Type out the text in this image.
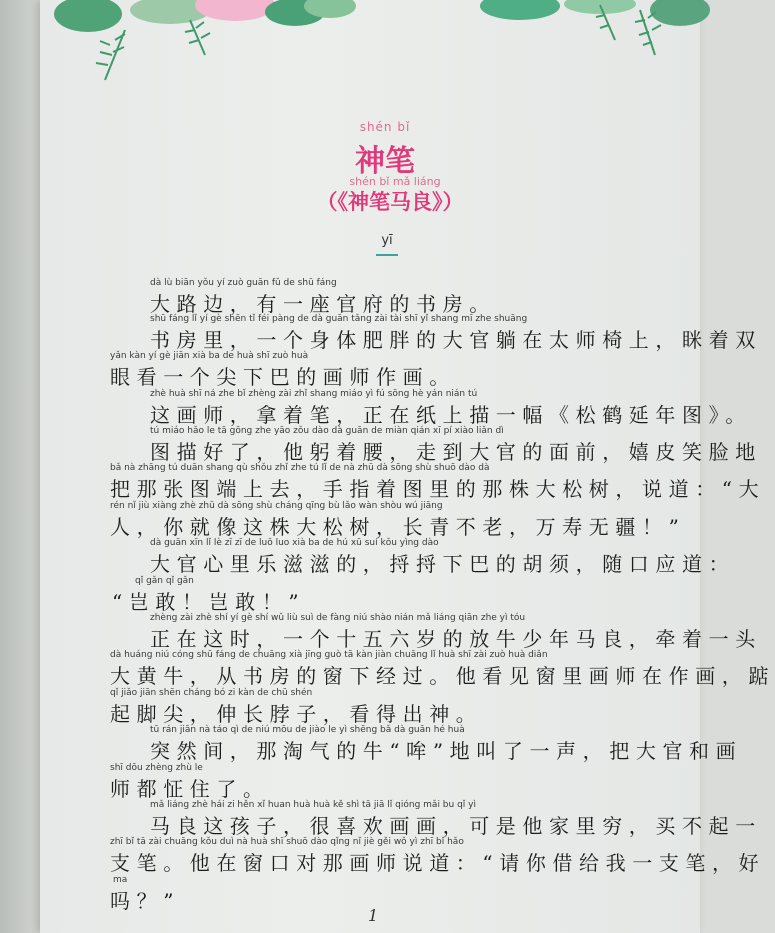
shén bǐ
神笔
shén bǐ mǎ liáng
（《神笔马良》）
yī
dà lù biān yǒu yí zuò guān fǔ de shū fáng
大路边，有一座官府的书房。
shū fáng lǐ yí gè shēn tǐ féi pàng de dà guān tǎng zài tài shī yǐ shang mī zhe shuāng
书房里，一个身体肥胖的大官躺在太师椅上，眯着双
yǎn kàn yí gè jiān xià ba de huà shī zuò huà
眼看一个尖下巴的画师作画。
zhè huà shī ná zhe bǐ zhèng zài zhǐ shang miáo yì fú sōng hè yán nián tú
这画师，拿着笔，正在纸上描一幅《松鹤延年图》。
tú miáo hǎo le tā gōng zhe yāo zǒu dào dà guān de miàn qián xī pí xiào liǎn dì
图描好了，他躬着腰，走到大官的面前，嬉皮笑脸地
bǎ nà zhāng tú duān shang qù shǒu zhǐ zhe tú lǐ de nà zhū dà sōng shù shuō dào dà
把那张图端上去，手指着图里的那株大松树，说道：“大
rén nǐ jiù xiàng zhè zhū dà sōng shù cháng qīng bù lǎo wàn shòu wú jiāng
人，你就像这株大松树，长青不老，万寿无疆！”
dà guān xīn lǐ lè zī zī de luō luo xià ba de hú xū suí kǒu yìng dào
大官心里乐滋滋的，捋捋下巴的胡须，随口应道：
qǐ gǎn qǐ gǎn
“岂敢！岂敢！”
zhèng zài zhè shí yí gè shí wǔ liù suì de fàng niú shào nián mǎ liáng qiān zhe yì tóu
正在这时，一个十五六岁的放牛少年马良，牵着一头
dà huáng niú cóng shū fáng de chuāng xià jīng guò tā kàn jiàn chuāng lǐ huà shī zài zuò huà diǎn
大黄牛，从书房的窗下经过。他看见窗里画师在作画，踮
qǐ jiǎo jiān shēn cháng bó zi kàn de chū shén
起脚尖，伸长脖子，看得出神。
tū rán jiān nà táo qì de niú mōu de jiào le yì shēng bǎ dà guān hé huà
突然间，那淘气的牛“哞”地叫了一声，把大官和画
shī dōu zhèng zhù le
师都怔住了。
mǎ liáng zhè hái zi hěn xǐ huan huà huà kě shì tā jiā lǐ qióng mǎi bu qǐ yì
马良这孩子，很喜欢画画，可是他家里穷，买不起一
zhī bǐ tā zài chuāng kǒu duì nà huà shī shuō dào qǐng nǐ jiè gěi wǒ yì zhī bǐ hǎo
支笔。他在窗口对那画师说道：“请你借给我一支笔，好
ma
吗？”
1
